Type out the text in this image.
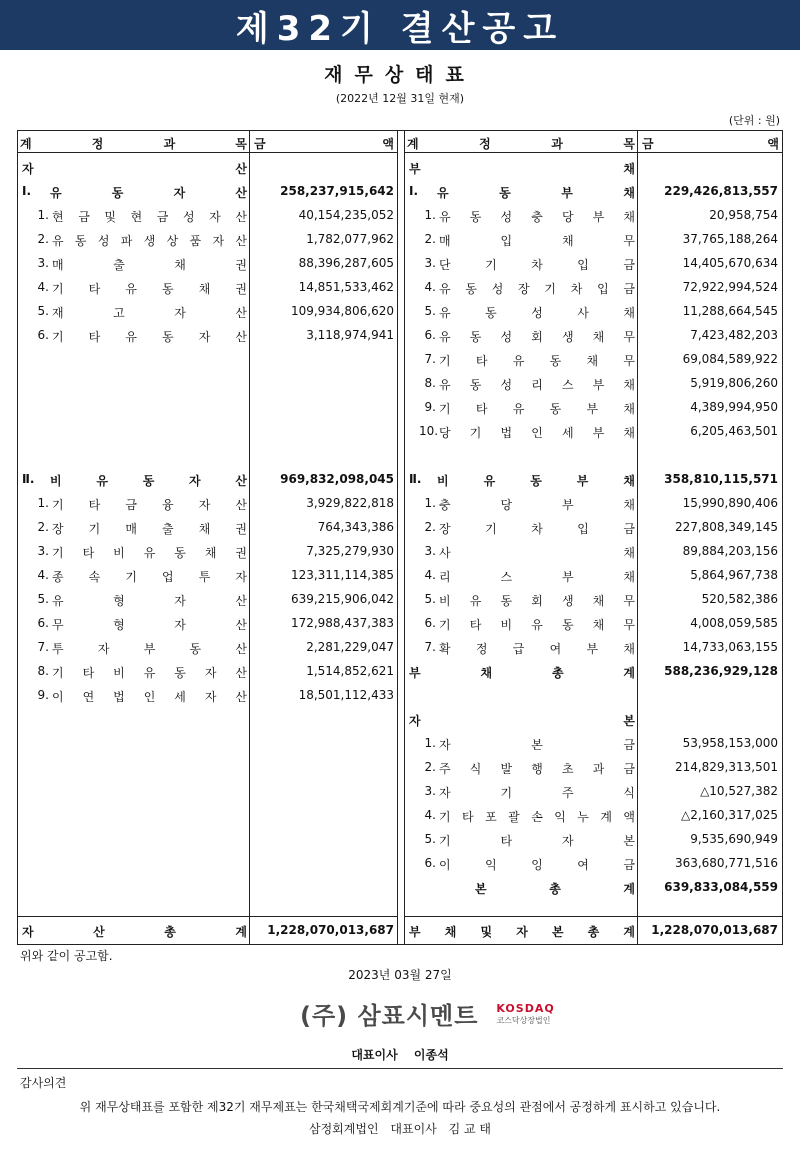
제32기 결산공고
재무상태표
(2022년 12월 31일 현재)
(단위 : 원)
계	정	과	목 금	액
자	산
Ⅰ.	유	동	자	산	258,237,915,642
1. 현 금 및 현 금 성 자 산	40,154,235,052
2. 유 동 성 파 생 상 품 자 산	1,782,077,962
3. 매	출	채	권	88,396,287,605
4. 기 타 유 동 채 권	14,851,533,462
5. 재	고	자	산	109,934,806,620
6. 기 타 유 동 자 산	3,118,974,941
Ⅱ.	비	유	동	자	산	969,832,098,045
1. 기 타 금 융 자 산	3,929,822,818
2. 장 기 매 출 채 권	764,343,386
3. 기 타 비 유 동 채 권	7,325,279,930
4. 종 속 기 업 투 자	123,311,114,385
5. 유	형	자	산	639,215,906,042
6. 무	형	자	산	172,988,437,383
7. 투	자	부	동	산	2,281,229,047
8. 기 타 비 유 동 자 산	1,514,852,621
9. 이 연 법 인 세 자 산	18,501,112,433
자	산	총	계	1,228,070,013,687
계	정	과	목 금	액
부	채
Ⅰ.	유	동	부	채	229,426,813,557
1. 유 동 성 충 당 부 채	20,958,754
2. 매	입	채	무	37,765,188,264
3. 단	기	차	입	금	14,405,670,634
4. 유 동 성 장 기 차 입 금	72,922,994,524
5. 유	동	성	사	채	11,288,664,545
6. 유 동 성 회 생 채 무	7,423,482,203
7. 기 타 유 동 채 무	69,084,589,922
8. 유 동 성 리 스 부 채	5,919,806,260
9. 기 타 유 동 부 채	4,389,994,950
10. 당 기 법 인 세 부 채	6,205,463,501
Ⅱ.	비	유	동	부	채	358,810,115,571
1. 충	당	부	채	15,990,890,406
2. 장	기	차	입	금	227,808,349,145
3. 사	채	89,884,203,156
4. 리	스	부	채	5,864,967,738
5. 비 유 동 회 생 채 무	520,582,386
6. 기 타 비 유 동 채 무	4,008,059,585
7. 확 정 급 여 부 채	14,733,063,155
부	채	총	계	588,236,929,128
자	본
1. 자	본	금	53,958,153,000
2. 주 식 발 행 초 과 금	214,829,313,501
3. 자	기	주	식	△10,527,382
4. 기 타 포 괄 손 익 누 계 액	△2,160,317,025
5. 기	타	자	본	9,535,690,949
6. 이	익	잉	여	금	363,680,771,516
본	총	계	639,833,084,559
부 채 및 자 본 총 계	1,228,070,013,687
위와 같이 공고함.
2023년 03월 27일
(주) 삼표시멘트 KOSDAQ
코스닥상장법인
대표이사 이종석
감사의견
위 재무상태표를 포함한 제32기 재무제표는 한국채택국제회계기준에 따라 중요성의 관점에서 공정하게 표시하고 있습니다.
삼정회계법인 대표이사 김 교 태
